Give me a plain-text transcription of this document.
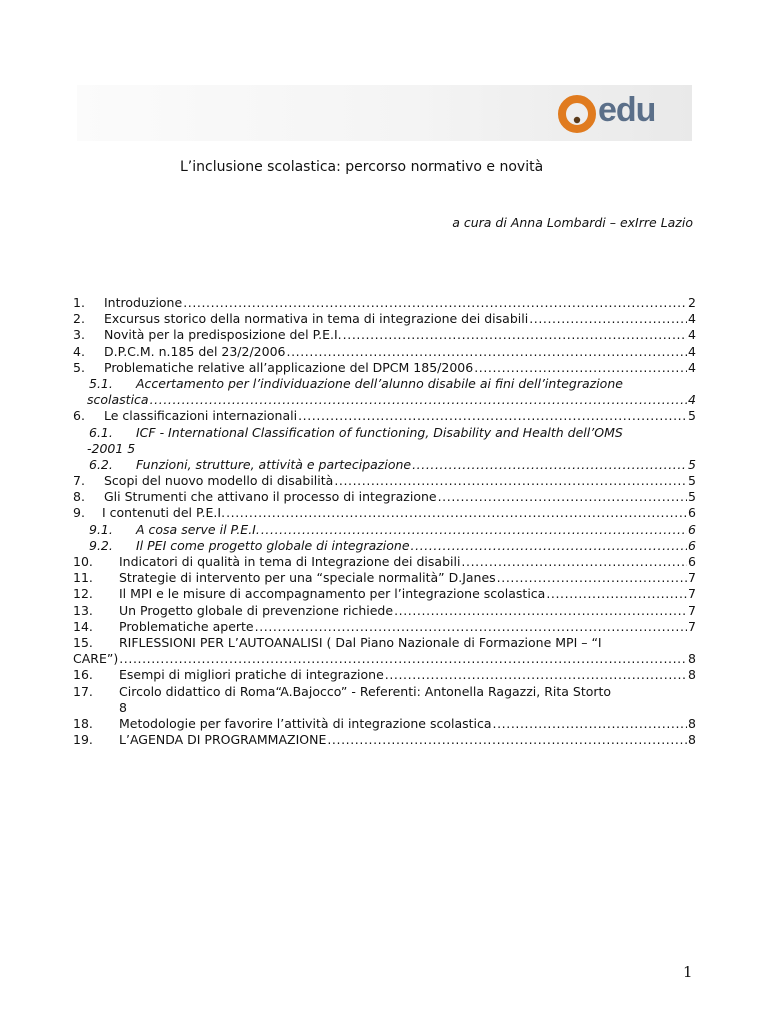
edu
L’inclusione scolastica: percorso normativo e novità
a cura di Anna Lombardi – exIrre Lazio
1.	Introduzione .....	2
2.	Excursus storico della normativa in tema di integrazione dei disabili .....	4
3.	Novità per la predisposizione del P.E.I. .....	4
4.	D.P.C.M. n.185 del 23/2/2006 .....	4
5.	Problematiche relative all’applicazione del DPCM 185/2006 .....	4
5.1.	Accertamento per l’individuazione dell’alunno disabile ai fini dell’integrazione
scolastica .....	4
6.	Le classificazioni internazionali .....	5
6.1.	ICF - International Classification of functioning, Disability and Health dell’OMS
-2001 5
6.2.	Funzioni, strutture, attività e partecipazione .....	5
7.	Scopi del nuovo modello di disabilità .....	5
8.	Gli Strumenti che attivano il processo di integrazione .....	5
9.	I contenuti del P.E.I. .....	6
9.1.	A cosa serve il P.E.I. .....	6
9.2.	Il PEI come progetto globale di integrazione .....	6
10.	Indicatori di qualità in tema di Integrazione dei disabili .....	6
11.	Strategie di intervento per una “speciale normalità” D.Janes .....	7
12.	Il MPI e le misure di accompagnamento per l’integrazione scolastica .....	7
13.	Un Progetto globale di prevenzione richiede .....	7
14.	Problematiche aperte .....	7
15.	RIFLESSIONI PER L’AUTOANALISI ( Dal Piano Nazionale di Formazione MPI – “I
CARE”) .....	8
16.	Esempi di migliori pratiche di integrazione .....	8
17.	Circolo didattico di Roma“A.Bajocco” - Referenti: Antonella Ragazzi, Rita Storto
8
18.	Metodologie per favorire l’attività di integrazione scolastica .....	8
19.	L’AGENDA DI PROGRAMMAZIONE .....	8
1
